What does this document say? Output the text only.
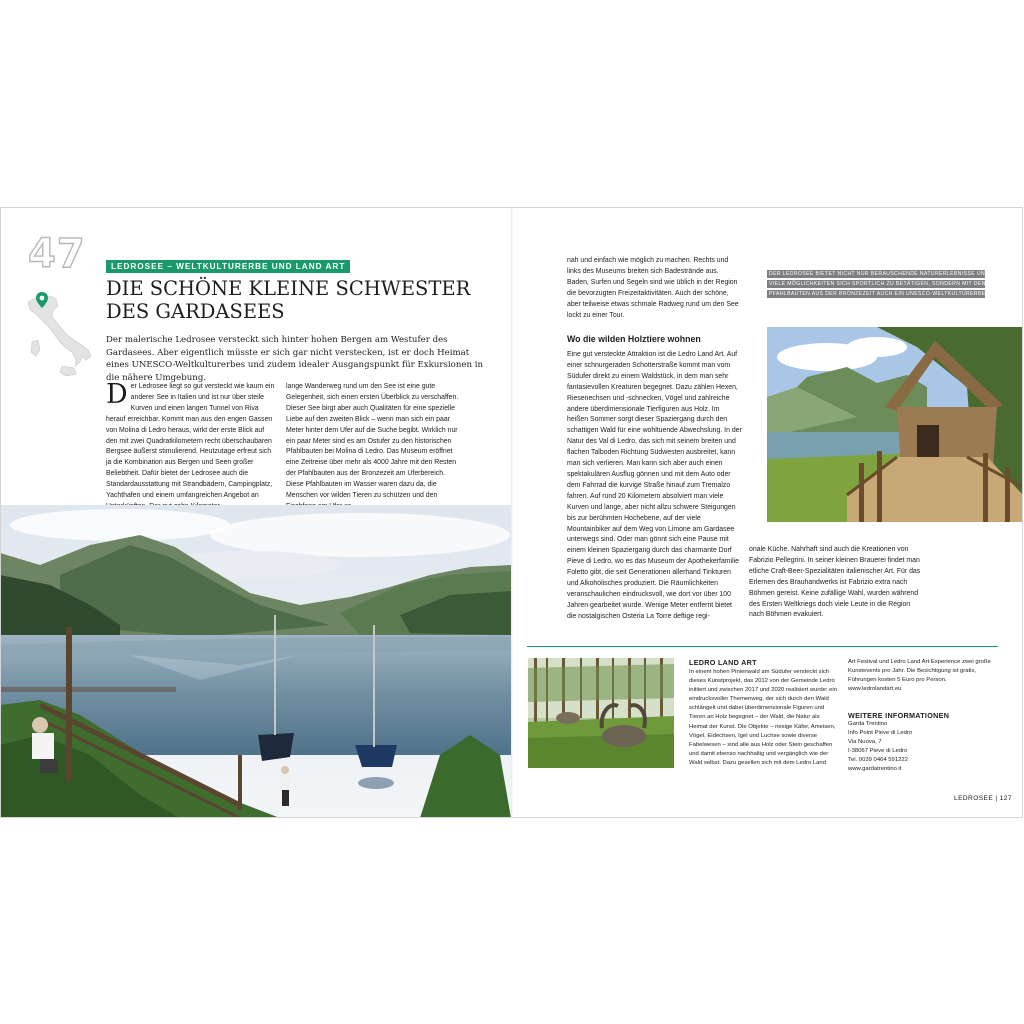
47	LEDROSEE – WELTKULTURERBE UND LAND ART
DIE SCHÖNE KLEINE SCHWESTER
DES GARDASEES

Der malerische Ledrosee versteckt sich hinter hohen Bergen am Westufer des Gardasees. Aber eigentlich müsste er sich gar nicht verstecken, ist er doch Heimat eines UNESCO-Weltkulturerbes und zudem idealer Ausgangspunkt für Exkursionen in die nähere Umgebung.

Der Ledrosee liegt so gut versteckt wie kaum ein anderer See in Italien und ist nur über steile Kurven und einen langen Tunnel von Riva herauf erreichbar. Kommt man aus den engen Gassen von Molina di Ledro heraus, wirkt der erste Blick auf den mit zwei Quadratkilometern recht überschaubaren Bergsee äußerst stimulierend. Heutzutage erfreut sich ja die Kombination aus Bergen und Seen großer Beliebtheit. Dafür bietet der Ledrosee auch die Standardausstattung mit Strandbädern, Campingplatz, Yachthafen und einem umfangreichen Angebot an

lange Wanderweg rund um den See ist eine gute Gelegenheit, sich einen ersten Überblick zu verschaffen. Dieser See birgt aber auch Qualitäten für eine spezielle Liebe auf den zweiten Blick – wenn man sich ein paar Meter hinter dem Ufer auf die Suche begibt. Wirklich nur ein paar Meter sind es am Ostufer zu den historischen Pfahlbauten bei Molina di Ledro. Das Museum eröffnet eine Zeitreise über mehr als 4000 Jahre mit den Resten der Pfahlbauten aus der Bronzezeit am Uferbereich. Diese Pfahlbauten im Wasser waren dazu da, die Menschen vor wilden Tieren zu schützen und den

nah und einfach wie möglich zu machen. Rechts und links des Museums breiten sich Badestrände aus. Baden, Surfen und Segeln sind wie üblich in der Region die bevorzugten Freizeitaktivitäten. Auch der schöne, aber teilweise etwas schmale Radweg rund um den See lockt zu einer Tour.

Wo die wilden Holztiere wohnen

Eine gut versteckte Attraktion ist die Ledro Land Art. Auf einer schnurgeraden Schotterstraße kommt man vom Südufer direkt zu einem Waldstück, in dem man sehr fantasievollen Kreaturen begegnet. Dazu zählen Hexen, Riesenechsen und -schnecken, Vögel und zahlreiche andere überdimensionale Tierfiguren aus Holz. Im heißen Sommer sorgt dieser Spaziergang durch den schattigen Wald für eine wohltuende Abwechslung. In der Natur des Val di Ledro, das sich mit seinem breiten und flachen Talboden Richtung Südwesten ausbreitet, kann man sich verlieren. Man kann sich aber auch einen spektakulären Ausflug gönnen und mit dem Auto oder dem Fahrrad die kurvige Straße hinauf zum Tremalzo fahren. Auf rund 20 Kilometern absolviert man viele Kurven und lange, aber nicht allzu schwere Steigungen bis zur berühmten Hochebene, auf der viele Mountainbiker auf dem Weg von Limone am Gardasee unterwegs sind. Oder man gönnt sich eine Pause mit einem kleinen Spaziergang durch das charmante Dorf Pieve di Ledro, wo es das Museum der Apothekerfamilie Foletto gibt, die seit Generationen allerhand Tinkturen und Alkoholisches produziert. Die Räumlichkeiten veranschaulichen eindrucksvoll, wie dort vor über 100 Jahren gearbeitet wurde. Wenige Meter entfernt bietet die nostalgischen Osteria La Torre deftige regi-

onale Küche. Nahrhaft sind auch die Kreationen von Fabrizio Pellegrini. In seiner kleinen Brauerei findet man etliche Craft-Beer-Spezialitäten italienischer Art. Für das Erlernen des Brauhandwerks ist Fabrizio extra nach Böhmen gereist. Keine zufällige Wahl, wurden während des Ersten Weltkriegs doch viele Leute in die Region nach Böhmen evakuiert.

DER LEDROSEE BIETET NICHT NUR BERAUSCHENDE NATURERLEBNISSE UND
VIELE MÖGLICHKEITEN SICH SPORTLICH ZU BETÄTIGEN, SONDERN MIT DEN
PFAHLBAUTEN AUS DER BRONZEZEIT AUCH EIN UNESCO-WELTKULTURERBE.
LEDRO LAND ART

In einem hohen Pinienwald am Südufer versteckt sich dieses Kunstprojekt, das 2012 von der Gemeinde Ledro initiiert und zwischen 2017 und 2020 realisiert wurde: ein eindrucksvoller Themenweg, der sich durch den Wald schlängelt und dabei überdimensionale Figuren und Tieren an Holz begegnet – der Wald, die Natur als Heimat der Kunst. Die Objekte – riesige Käfer, Ameisen, Vögel, Eidechsen, Igel und Luchse sowie diverse Fabelwesen – sind alle aus Holz oder Stein geschaffen und damit ebenso nachhaltig und vergänglich wie der Wald selbst. Dazu gesellen sich mit dem Ledro Land

Art Festival und Ledro Land Art Experience zwei große Kunstevents pro Jahr. Die Besichtigung ist gratis, Führungen kosten 5 Euro pro Person.
www.ledrolandart.eu

WEITERE INFORMATIONEN

Garda Trentino
Info Point Pieve di Ledro
Via Nuova, 7
I-38067 Pieve di Ledro
Tel. 0039 0464 591222
www.gardatrentino.it

LEDROSEE | 127
